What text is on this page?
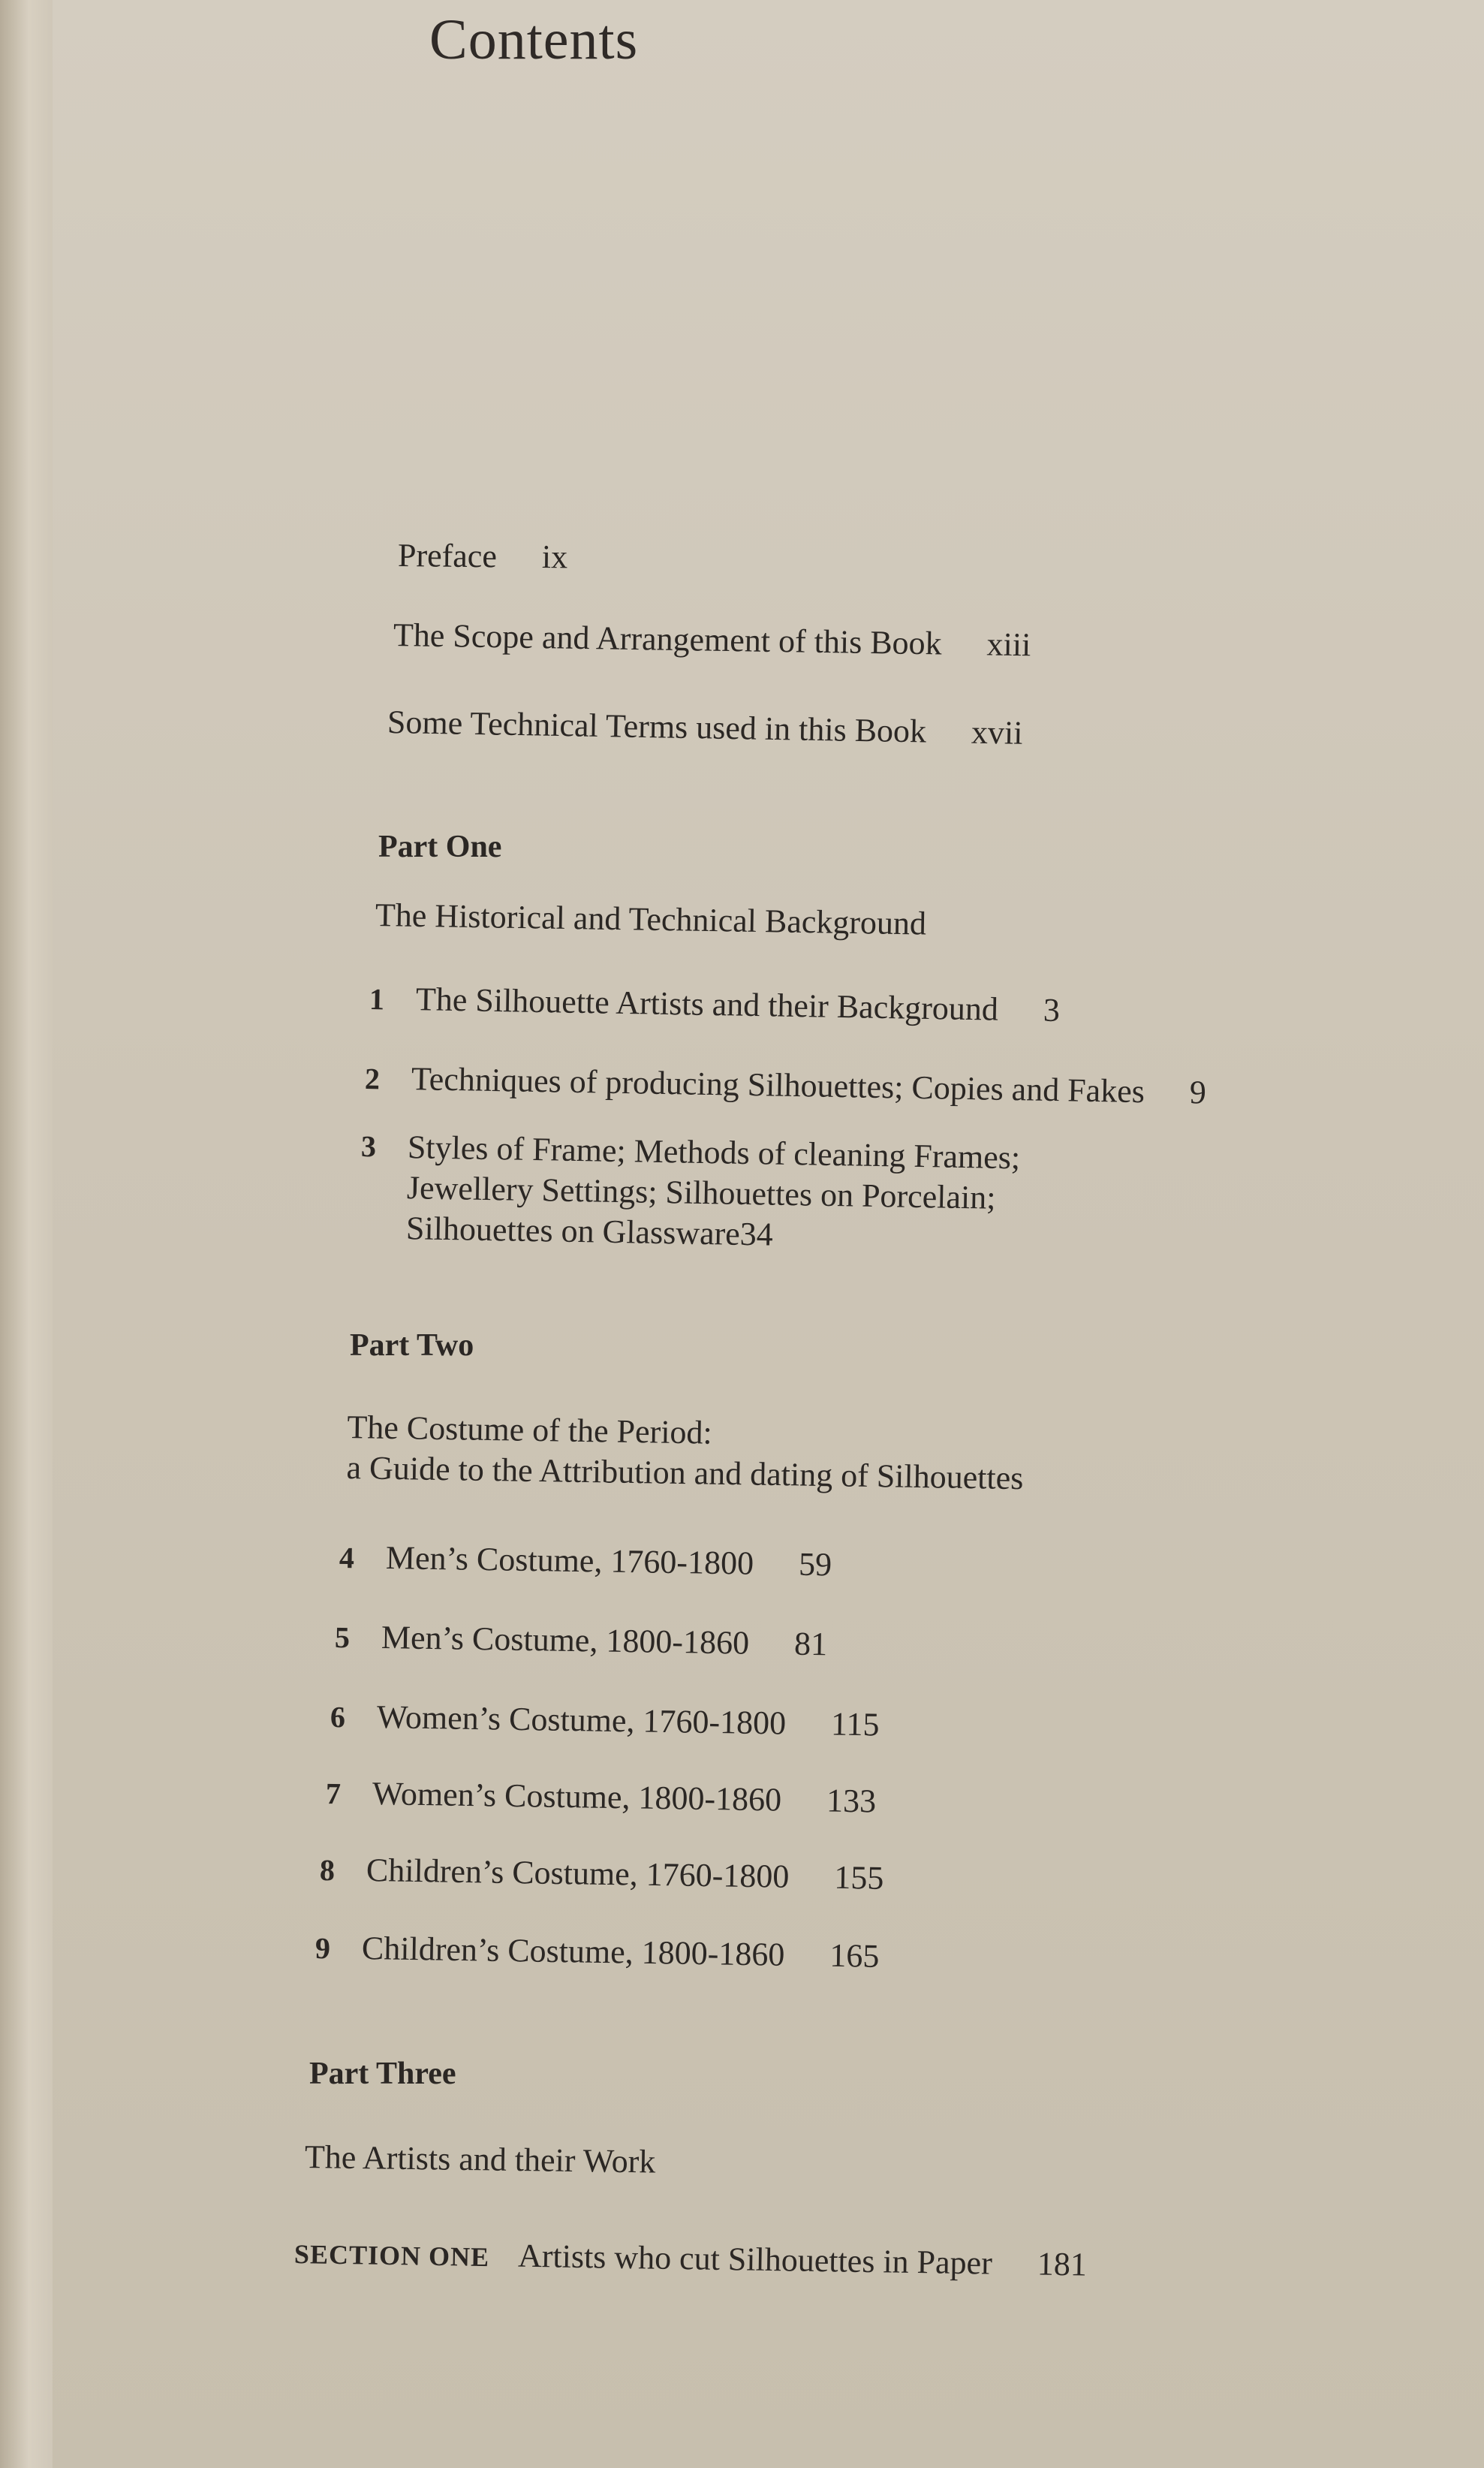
Contents
Preface ix
The Scope and Arrangement of this Book xiii
Some Technical Terms used in this Book xvii
Part One
The Historical and Technical Background
1 The Silhouette Artists and their Background 3
2 Techniques of producing Silhouettes; Copies and Fakes 9
3 Styles of Frame; Methods of cleaning Frames;
Jewellery Settings; Silhouettes on Porcelain;
Silhouettes on Glassware34
Part Two
The Costume of the Period:
a Guide to the Attribution and dating of Silhouettes
4 Men’s Costume, 1760-1800 59
5 Men’s Costume, 1800-1860 81
6 Women’s Costume, 1760-1800 115
7 Women’s Costume, 1800-1860 133
8 Children’s Costume, 1760-1800 155
9 Children’s Costume, 1800-1860 165
Part Three
The Artists and their Work
SECTION ONE Artists who cut Silhouettes in Paper 181
